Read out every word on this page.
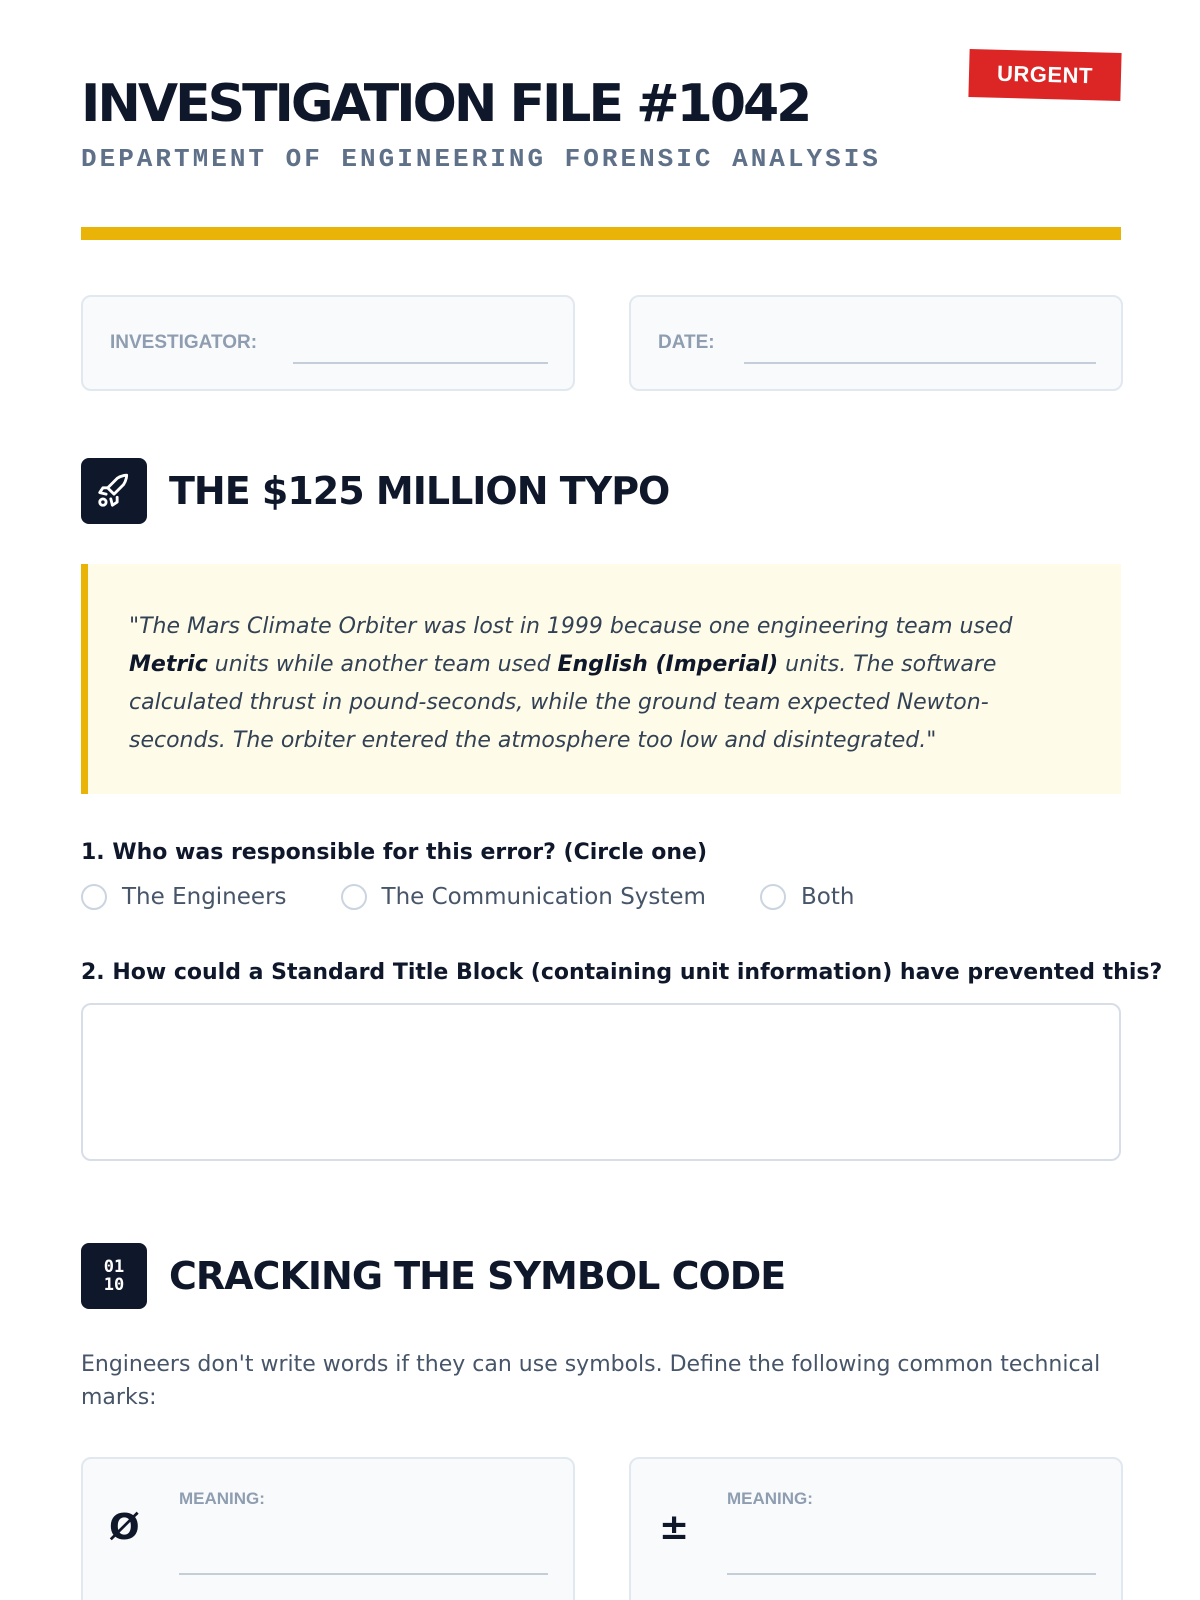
INVESTIGATION FILE #1042
DEPARTMENT OF ENGINEERING FORENSIC ANALYSIS
URGENT
INVESTIGATOR:	DATE:
THE $125 MILLION TYPO
"The Mars Climate Orbiter was lost in 1999 because one engineering team used Metric units while another team used English (Imperial) units. The software calculated thrust in pound-seconds, while the ground team expected Newton-seconds. The orbiter entered the atmosphere too low and disintegrated."
1. Who was responsible for this error? (Circle one)
The Engineers	The Communication System	Both
2. How could a Standard Title Block (containing unit information) have prevented this?
01
10 CRACKING THE SYMBOL CODE
Engineers don't write words if they can use symbols. Define the following common technical marks:
Ø
MEANING:
±
MEANING:
